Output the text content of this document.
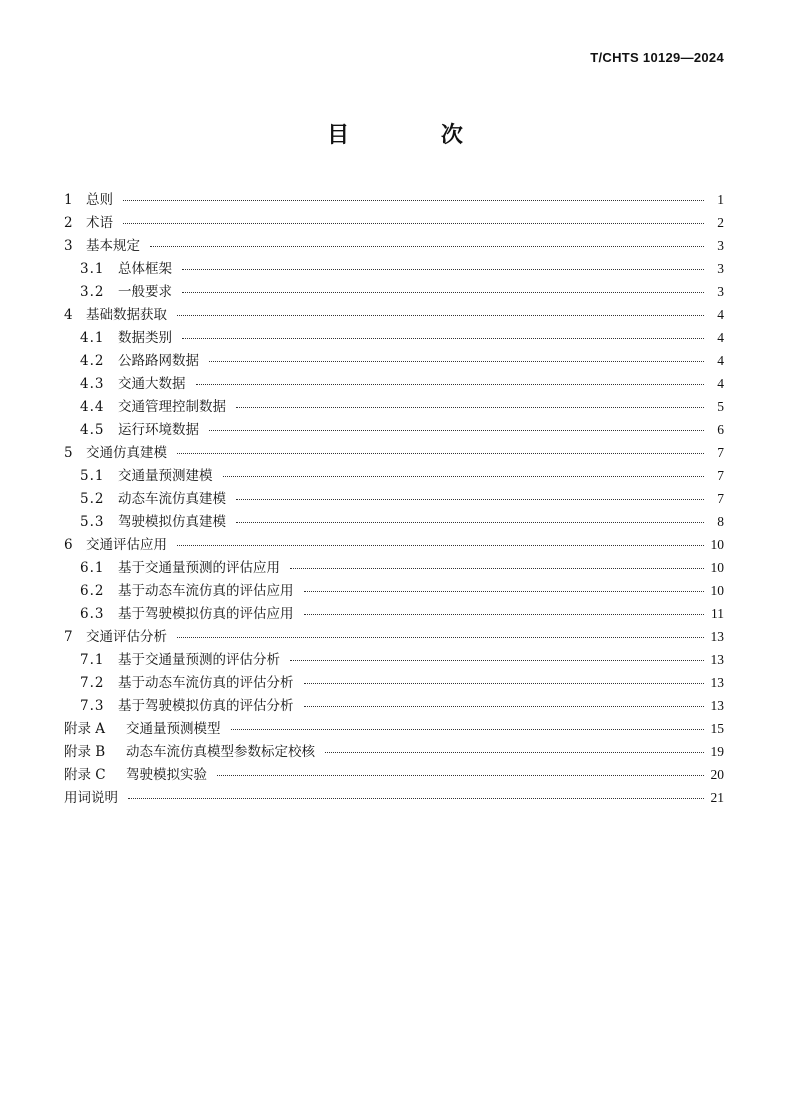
T/CHTS 10129—2024
目 次
1 总则	1
2 术语	2
3 基本规定	3
3.1	总体框架	3
3.2	一般要求	3
4 基础数据获取	4
4.1	数据类别	4
4.2	公路路网数据	4
4.3	交通大数据	4
4.4	交通管理控制数据	5
4.5	运行环境数据	6
5 交通仿真建模	7
5.1	交通量预测建模	7
5.2	动态车流仿真建模	7
5.3	驾驶模拟仿真建模	8
6 交通评估应用	10
6.1	基于交通量预测的评估应用	10
6.2	基于动态车流仿真的评估应用	10
6.3	基于驾驶模拟仿真的评估应用	11
7 交通评估分析	13
7.1	基于交通量预测的评估分析	13
7.2	基于动态车流仿真的评估分析	13
7.3	基于驾驶模拟仿真的评估分析	13
附录 A	交通量预测模型	15
附录 B	动态车流仿真模型参数标定校核	19
附录 C	驾驶模拟实验	20
用词说明	21
